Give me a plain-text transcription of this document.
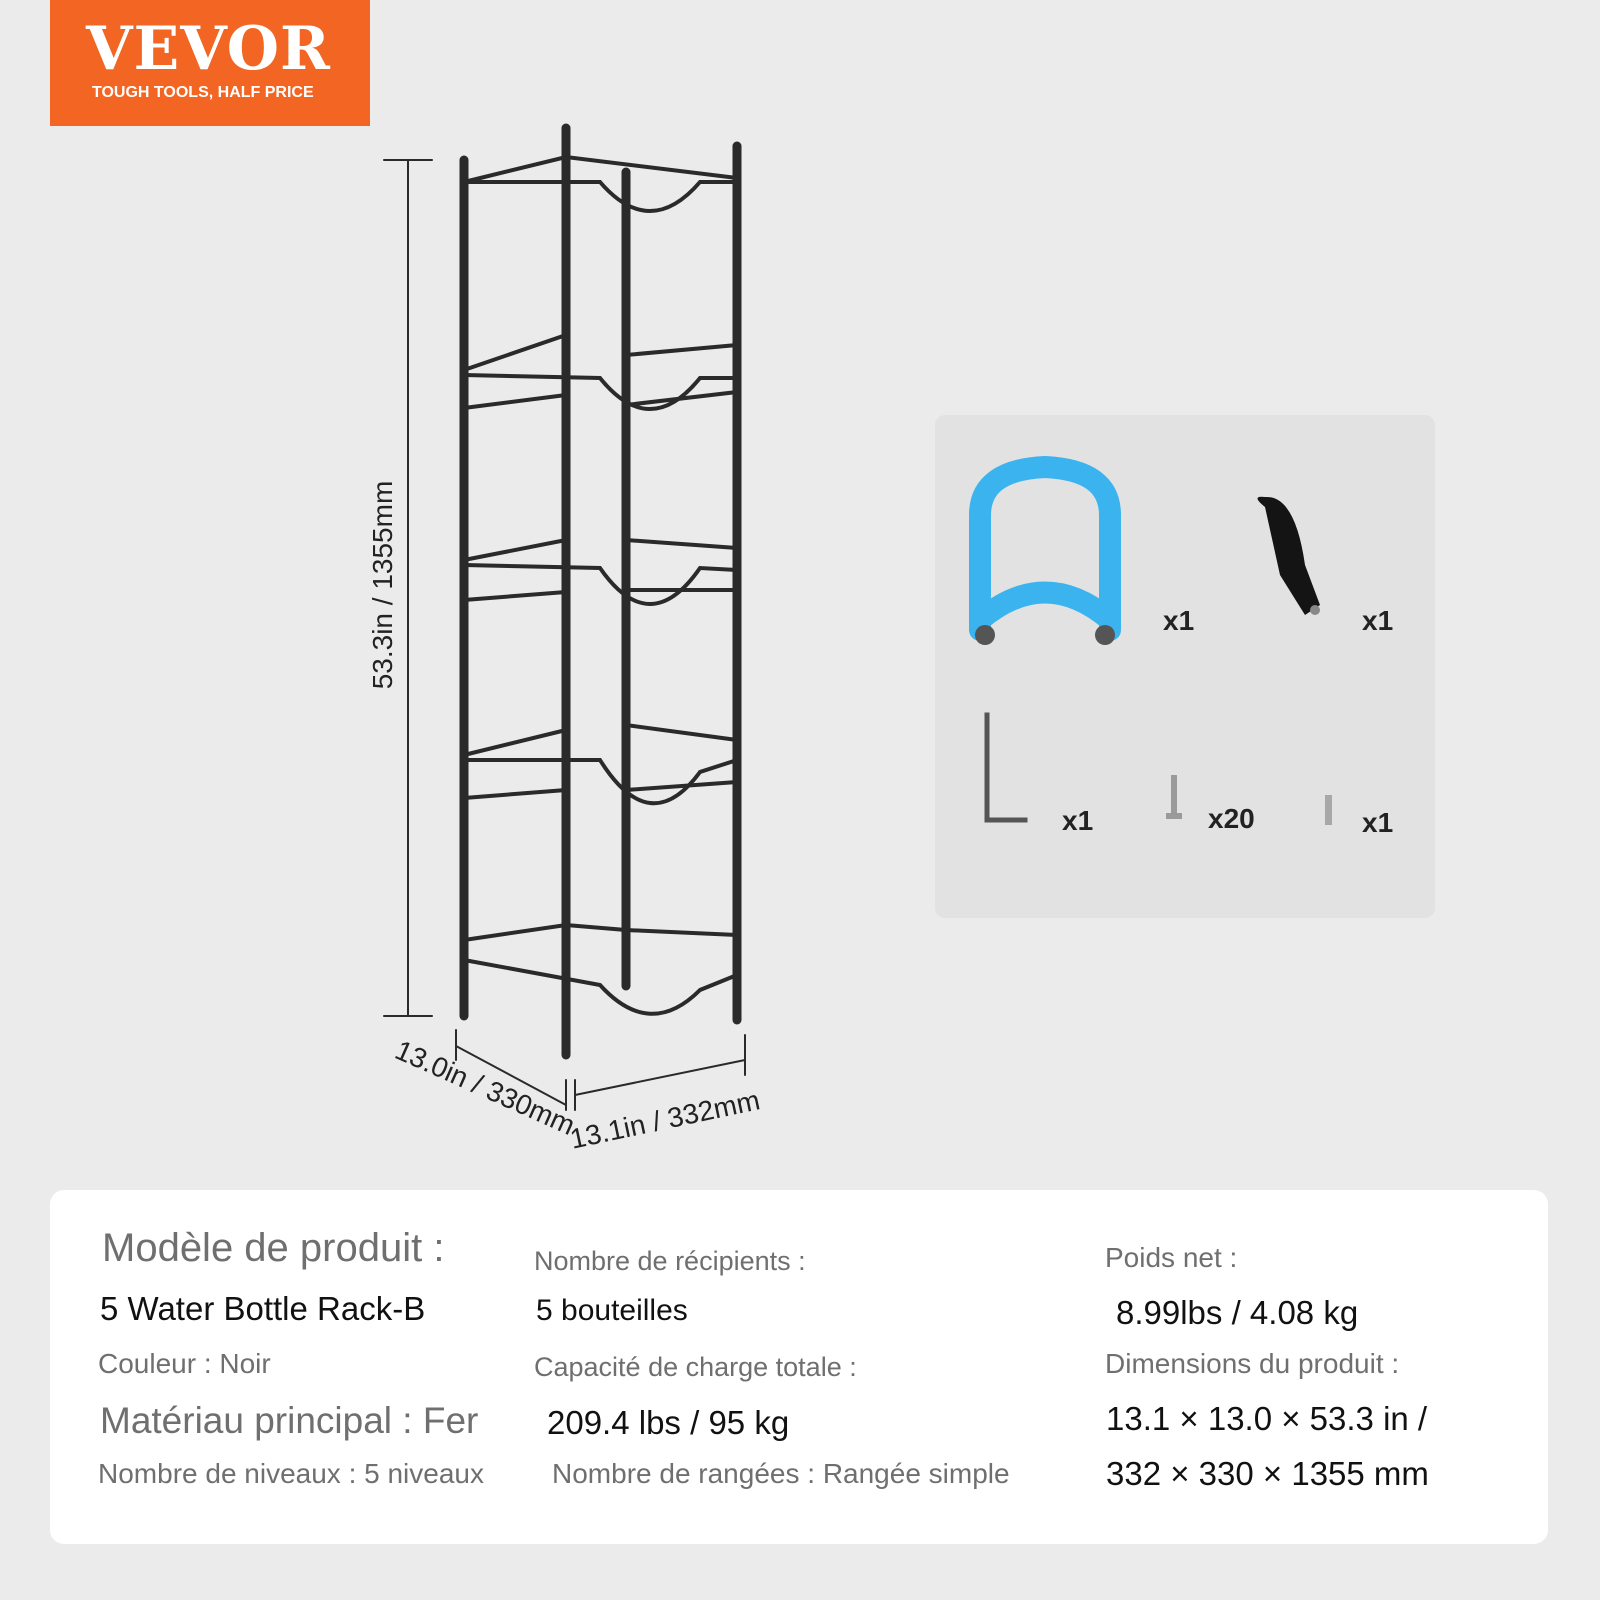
VEVOR
TOUGH TOOLS, HALF PRICE
53.3in / 1355mm
13.0in / 330mm
13.1in / 332mm
x1	x1
x1	x20	x1
Modèle de produit :
5 Water Bottle Rack-B
Couleur : Noir
Matériau principal : Fer
Nombre de niveaux : 5 niveaux
Nombre de récipients :
5 bouteilles
Capacité de charge totale :
209.4 lbs / 95 kg
Nombre de rangées : Rangée simple
Poids net :
8.99lbs / 4.08 kg
Dimensions du produit :
13.1 × 13.0 × 53.3 in /
332 × 330 × 1355 mm
